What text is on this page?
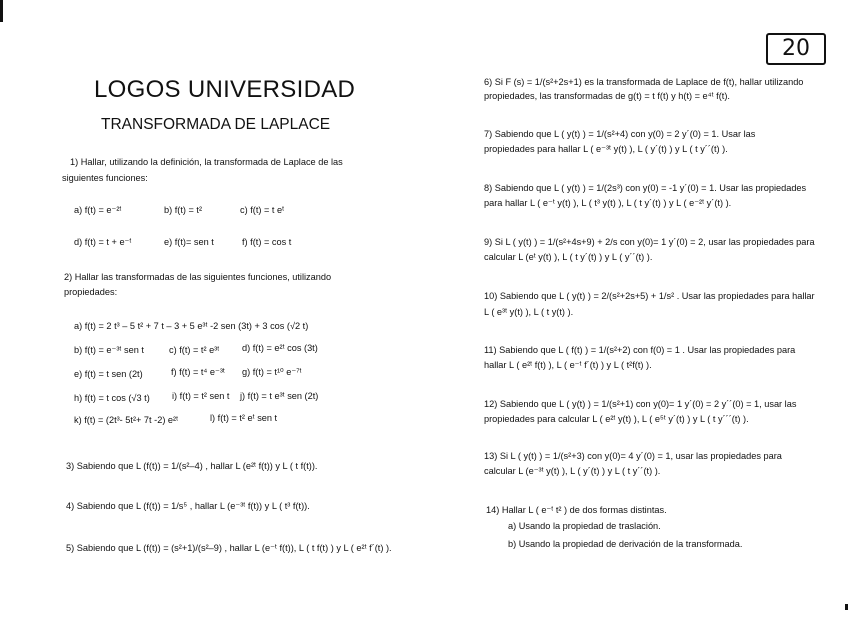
20
LOGOS UNIVERSIDAD
TRANSFORMADA DE LAPLACE
1) Hallar, utilizando la definición, la transformada de Laplace de las
siguientes funciones:
a) f(t) = e⁻²ᵗ	b) f(t) = t²	c) f(t) = t eᵗ
d) f(t) = t + e⁻ᵗ	e) f(t)= sen t	f) f(t) = cos t
2) Hallar las transformadas de las siguientes funciones, utilizando
propiedades:
a) f(t) = 2 t³ – 5 t² + 7 t – 3 + 5 e³ᵗ -2 sen (3t) + 3 cos (√2 t)
b) f(t) = e⁻³ᵗ sen t	c) f(t) = t² e³ᵗ d) f(t) = e²ᵗ cos (3t)
e) f(t) = t sen (2t)	f) f(t) = t⁴ e⁻³ᵗ g) f(t) = t¹⁰ e⁻⁷ᵗ
h) f(t) = t cos (√3 t) i) f(t) = t² sen t j) f(t) = t e³ᵗ sen (2t)
k) f(t) = (2t³- 5t²+ 7t -2) e²ᵗ	l) f(t) = t² eᵗ sen t
3) Sabiendo que L (f(t)) = 1/(s²–4) , hallar L (e²ᵗ f(t)) y L ( t f(t)).
4) Sabiendo que L (f(t)) = 1/s⁵ , hallar L (e⁻³ᵗ f(t)) y L ( t³ f(t)).
5) Sabiendo que L (f(t)) = (s²+1)/(s²–9) , hallar L (e⁻ᵗ f(t)), L ( t f(t) ) y L ( e²ᵗ f´(t) ).
6) Si F (s) = 1/(s²+2s+1) es la transformada de Laplace de f(t), hallar utilizando
propiedades, las transformadas de g(t) = t f(t) y h(t) = e⁴ᵗ f(t).
7) Sabiendo que L ( y(t) ) = 1/(s²+4) con y(0) = 2 y´(0) = 1. Usar las
propiedades para hallar L ( e⁻³ᵗ y(t) ), L ( y´(t) ) y L ( t y´´(t) ).
8) Sabiendo que L ( y(t) ) = 1/(2s³) con y(0) = -1 y´(0) = 1. Usar las propiedades
para hallar L ( e⁻ᵗ y(t) ), L ( t³ y(t) ), L ( t y´(t) ) y L ( e⁻²ᵗ y´(t) ).
9) Si L ( y(t) ) = 1/(s²+4s+9) + 2/s con y(0)= 1 y´(0) = 2, usar las propiedades para
calcular L (eᵗ y(t) ), L ( t y´(t) ) y L ( y´´(t) ).
10) Sabiendo que L ( y(t) ) = 2/(s²+2s+5) + 1/s² . Usar las propiedades para hallar
L ( e³ᵗ y(t) ), L ( t y(t) ).
11) Sabiendo que L ( f(t) ) = 1/(s²+2) con f(0) = 1 . Usar las propiedades para
hallar L ( e²ᵗ f(t) ), L ( e⁻ᵗ f´(t) ) y L ( t²f(t) ).
12) Sabiendo que L ( y(t) ) = 1/(s²+1) con y(0)= 1 y´(0) = 2 y´´(0) = 1, usar las
propiedades para calcular L ( e²ᵗ y(t) ), L ( e⁵ᵗ y´(t) ) y L ( t y´´´(t) ).
13) Si L ( y(t) ) = 1/(s²+3) con y(0)= 4 y´(0) = 1, usar las propiedades para
calcular L (e⁻³ᵗ y(t) ), L ( y´(t) ) y L ( t y´´(t) ).
14) Hallar L ( e⁻ᵗ t² ) de dos formas distintas.
a) Usando la propiedad de traslación.
b) Usando la propiedad de derivación de la transformada.
